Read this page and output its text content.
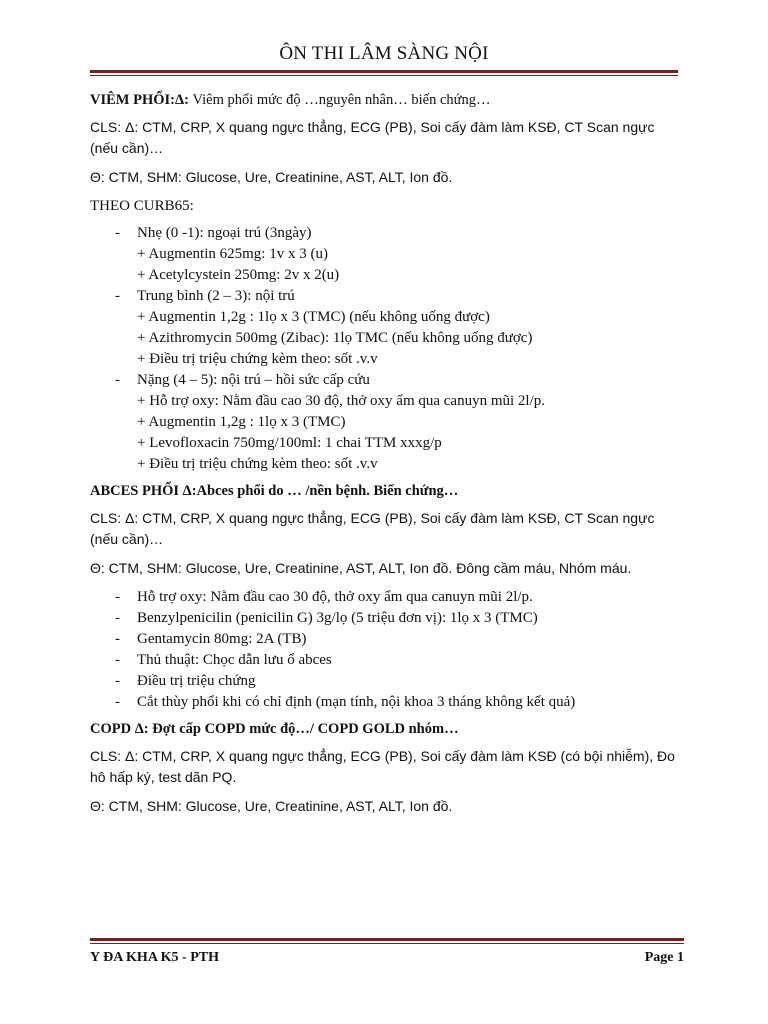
ÔN THI LÂM SÀNG NỘI
VIÊM PHỔI:Δ: Viêm phổi mức độ …nguyên nhân… biến chứng…
CLS: Δ: CTM, CRP, X quang ngực thẳng, ECG (PB), Soi cấy đàm làm KSĐ, CT Scan ngực (nếu cần)…
Θ: CTM, SHM: Glucose, Ure, Creatinine, AST, ALT, Ion đồ.
THEO CURB65:
- Nhẹ (0 -1): ngoại trú (3ngày)
+ Augmentin 625mg: 1v x 3 (u)
+ Acetylcystein 250mg: 2v x 2(u)
- Trung bình (2 – 3): nội trú
+ Augmentin 1,2g : 1lọ x 3 (TMC) (nếu không uống được)
+ Azithromycin 500mg (Zibac): 1lọ TMC (nếu không uống được)
+ Điều trị triệu chứng kèm theo: sốt .v.v
- Nặng (4 – 5): nội trú – hồi sức cấp cứu
+ Hỗ trợ oxy: Nằm đầu cao 30 độ, thở oxy ẩm qua canuyn mũi 2l/p.
+ Augmentin 1,2g : 1lọ x 3 (TMC)
+ Levofloxacin 750mg/100ml: 1 chai TTM xxxg/p
+ Điều trị triệu chứng kèm theo: sốt .v.v
ABCES PHỔI Δ:Abces phổi do … /nền bệnh. Biến chứng…
CLS: Δ: CTM, CRP, X quang ngực thẳng, ECG (PB), Soi cấy đàm làm KSĐ, CT Scan ngực (nếu cần)…
Θ: CTM, SHM: Glucose, Ure, Creatinine, AST, ALT, Ion đồ. Đông cầm máu, Nhóm máu.
- Hỗ trợ oxy: Nằm đầu cao 30 độ, thở oxy ẩm qua canuyn mũi 2l/p.
- Benzylpenicilin (penicilin G) 3g/lọ (5 triệu đơn vị): 1lọ x 3 (TMC)
- Gentamycin 80mg: 2A (TB)
- Thủ thuật: Chọc dẫn lưu ổ abces
- Điều trị triệu chứng
- Cắt thùy phổi khi có chỉ định (mạn tính, nội khoa 3 tháng không kết quả)
COPD Δ: Đợt cấp COPD mức độ…/ COPD GOLD nhóm…
CLS: Δ: CTM, CRP, X quang ngực thẳng, ECG (PB), Soi cấy đàm làm KSĐ (có bội nhiễm), Đo hô hấp ký, test dãn PQ.
Θ: CTM, SHM: Glucose, Ure, Creatinine, AST, ALT, Ion đồ.
Y ĐA KHA K5 - PTH	Page 1
